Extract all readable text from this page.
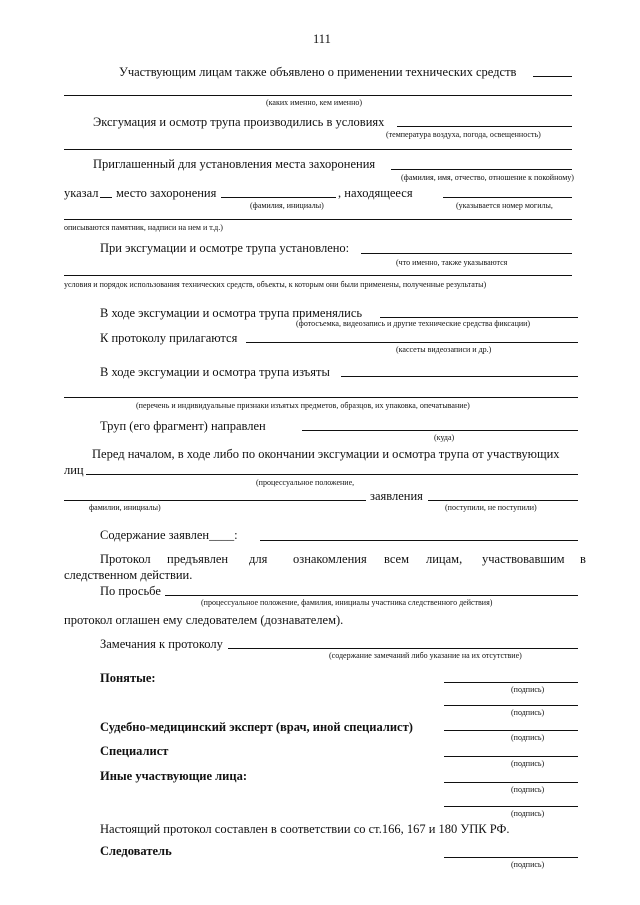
111
Участвующим лицам также объявлено о применении технических средств
(каких именно, кем именно)
Эксгумация и осмотр трупа производились в условиях
(температура воздуха, погода, освещенность)
Приглашенный для установления места захоронения
(фамилия, имя, отчество, отношение к покойному)
указал место захоронения	, находящееся
(фамилия, инициалы)	(указывается номер могилы,
описываются памятник, надписи на нем и т.д.)
При эксгумации и осмотре трупа установлено:
(что именно, также указываются
условия и порядок использования технических средств, объекты, к которым они были применены, полученные результаты)
В ходе эксгумации и осмотра трупа применялись
(фотосъемка, видеозапись и другие технические средства фиксации)
К протоколу прилагаются
(кассеты видеозаписи и др.)
В ходе эксгумации и осмотра трупа изъяты
(перечень и индивидуальные признаки изъятых предметов, образцов, их упаковка, опечатывание)
Труп (его фрагмент) направлен
(куда)
Перед началом, в ходе либо по окончании эксгумации и осмотра трупа от участвующих
лиц
(процессуальное положение,
заявления
фамилии, инициалы)	(поступили, не поступили)
Содержание заявлен____:
Протокол предъявлен для ознакомления всем лицам, участвовавшим в
следственном действии.
По просьбе
(процессуальное положение, фамилия, инициалы участника следственного действия)
протокол оглашен ему следователем (дознавателем).
Замечания к протоколу
(содержание замечаний либо указание на их отсутствие)
Понятые:
(подпись)
(подпись)
Судебно-медицинский эксперт (врач, иной специалист)
(подпись)
Специалист
(подпись)
Иные участвующие лица:
(подпись)
(подпись)
Настоящий протокол составлен в соответствии со ст.166, 167 и 180 УПК РФ.
Следователь
(подпись)
